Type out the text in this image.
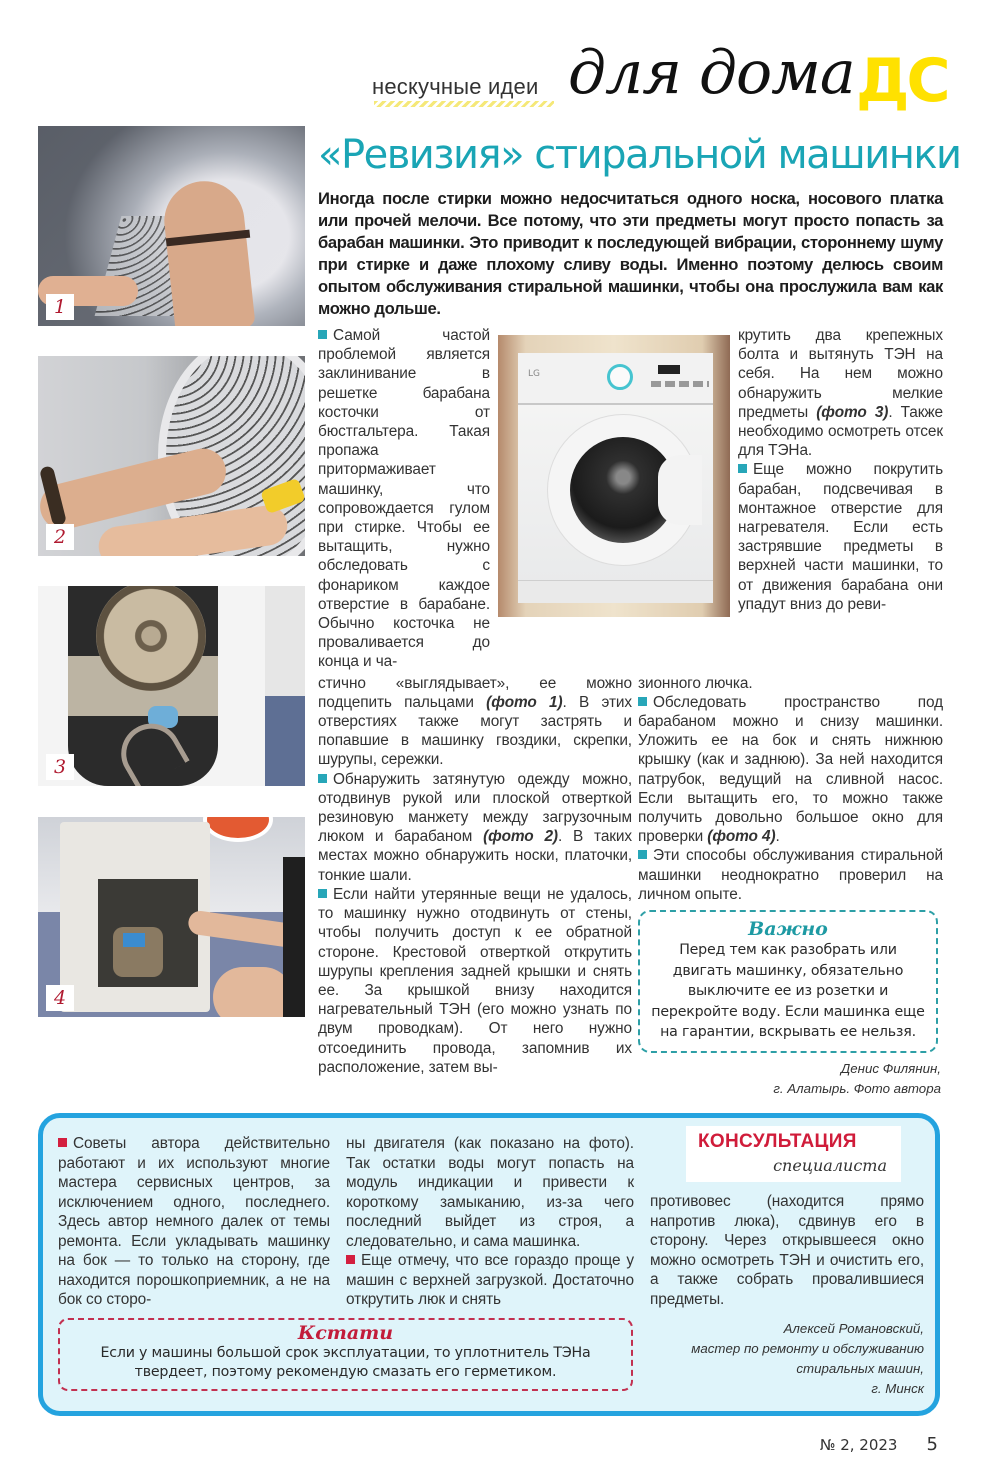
нескучные идеи для дома ДС
«Ревизия» стиральной машинки

Иногда после стирки можно недосчитаться одного носка, носового платка или прочей мелочи. Все потому, что эти предметы могут просто попасть за барабан машинки. Это приводит к последующей вибрации, стороннему шуму при стирке и даже плохому сливу воды. Именно поэтому делюсь своим опытом обслуживания стиральной машинки, чтобы она прослужила вам как можно дольше.

1
2
3
4

Самой частой проблемой является заклинивание в решетке барабана косточки от бюстгальтера. Такая пропажа притормаживает машинку, что сопровождается гулом при стирке. Чтобы ее вытащить, нужно обследовать с фонариком каждое отверстие в барабане. Обычно косточка не проваливается до конца и ча-

LG

крутить два крепежных болта и вытянуть ТЭН на себя. На нем можно обнаружить мелкие предметы (фото 3). Также необходимо осмотреть отсек для ТЭНа.

Еще можно покрутить барабан, подсвечивая в монтажное отверстие для нагревателя. Если есть застрявшие предметы в верхней части машинки, то от движения барабана они упадут вниз до реви-

стично «выглядывает», ее можно подцепить пальцами (фото 1). В этих отверстиях также могут застрять и попавшие в машинку гвоздики, скрепки, шурупы, сережки.

Обнаружить затянутую одежду можно, отодвинув рукой или плоской отверткой резиновую манжету между загрузочным люком и барабаном (фото 2). В таких местах можно обнаружить носки, платочки, тонкие шали.

Если найти утерянные вещи не удалось, то машинку нужно отодвинуть от стены, чтобы получить доступ к ее обратной стороне. Крестовой отверткой открутить шурупы крепления задней крышки и снять ее. За крышкой внизу находится нагревательный ТЭН (его можно узнать по двум проводкам). От него нужно отсоединить провода, запомнив их расположение, затем вы-

зионного лючка.

Обследовать пространство под барабаном можно и снизу машинки. Уложить ее на бок и снять нижнюю крышку (как и заднюю). За ней находится патрубок, ведущий на сливной насос. Если вытащить его, то можно также получить довольно большое окно для проверки (фото 4).

Эти способы обслуживания стиральной машинки неоднократно проверил на личном опыте.

Важно
Перед тем как разобрать или двигать машинку, обязательно выключите ее из розетки и перекройте воду. Если машинка еще на гарантии, вскрывать ее нельзя.
Денис Филянин,
г. Алатырь. Фото автора

Советы автора действительно работают и их используют многие мастера сервисных центров, за исключением одного, последнего. Здесь автор немного далек от темы ремонта. Если укладывать машинку на бок — то только на сторону, где находится порошкоприемник, а не на бок со сторо-

ны двигателя (как показано на фото). Так остатки воды могут попасть на модуль индикации и привести к короткому замыканию, из-за чего последний выйдет из строя, а следовательно, и сама машинка.

Еще отмечу, что все гораздо проще у машин с верхней загрузкой. Достаточно открутить люк и снять

Кстати
Если у машины большой срок эксплуатации, то уплотнитель ТЭНа твердеет, поэтому рекомендую смазать его герметиком.
КОНСУЛЬТАЦИЯ
специалиста

противовес (находится прямо напротив люка), сдвинув его в сторону. Через открывшееся окно можно осмотреть ТЭН и очистить его, а также собрать провалившиеся предметы.

Алексей Романовский,
мастер по ремонту и обслуживанию
стиральных машин,
г. Минск
№ 2, 2023 5
